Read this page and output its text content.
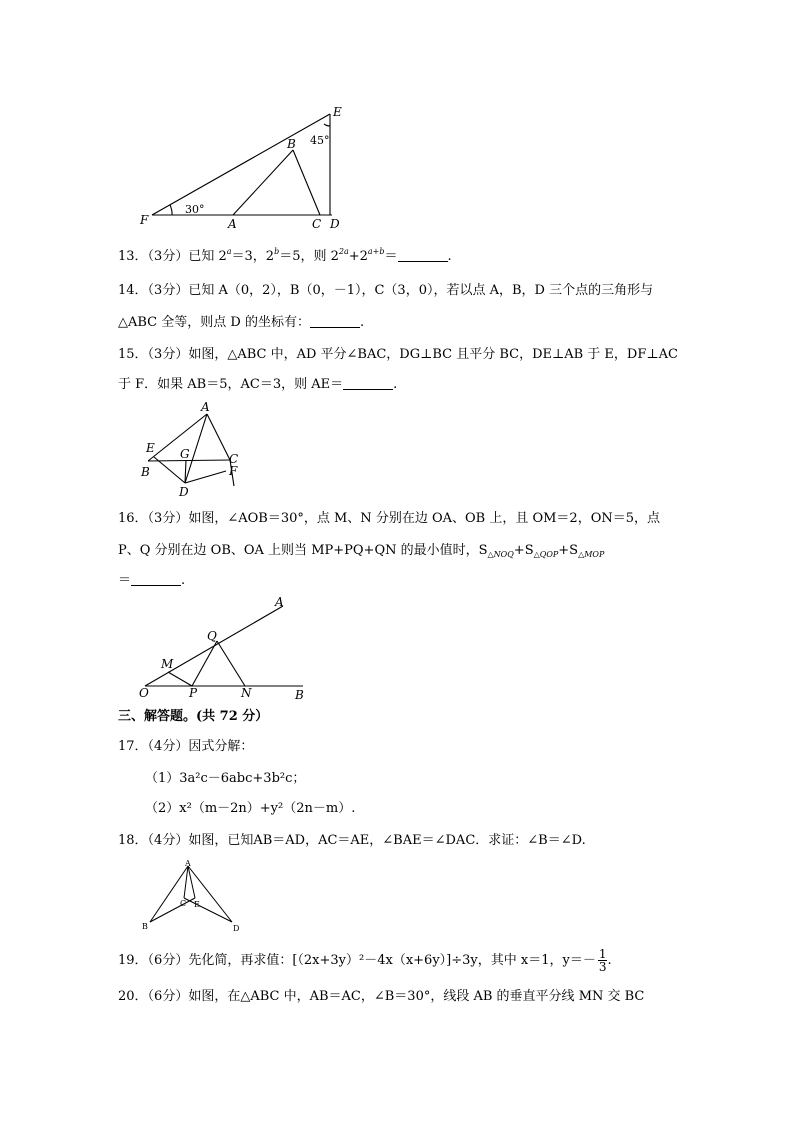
E
B 45°
F
30°
A	C D
13．（3分）已知 $2^a=3$，$2^b=5$，则 $2^{2a}+2^{a+b}=$	.
14．（3分）已知 A（0，2），B（0，－1），C（3，0），若以点 A，B，D 三个点的三角形与
△ABC 全等，则点 D 的坐标有：	.
15．（3分）如图，△ABC 中，AD 平分∠BAC，DG⊥BC 且平分 BC，DE⊥AB 于 E，DF⊥AC
于 F．如果 AB＝5，AC＝3，则 AE＝	.
A
E G	C
B	F
D
16．（3分）如图，∠AOB＝30°，点 M、N 分别在边 OA、OB 上，且 OM＝2，ON＝5，点
P、Q 分别在边 OB、OA 上则当 MP+PQ+QN 的最小值时，$S_{\triangle NOQ}+S_{\triangle QOP}+S_{\triangle MOP}$
＝	.
A
Q
M
O	P	N	B
三、解答题。(共 72 分）
17．（4分）因式分解：
（1）3a²c－6abc+3b²c；
（2）x²（m－2n）+y²（2n－m）.
18．（4分）如图，已知AB＝AD，AC＝AE，∠BAE＝∠DAC．求证：∠B＝∠D.
A
C E
B	D
19．（6分）先化简，再求值：[（2x+3y）²－4x（x+6y）]÷3y，其中 x＝1，$y=- \frac{1}{3}$ .
20．（6分）如图，在△ABC 中，AB＝AC，∠B＝30°，线段 AB 的垂直平分线 MN 交 BC
